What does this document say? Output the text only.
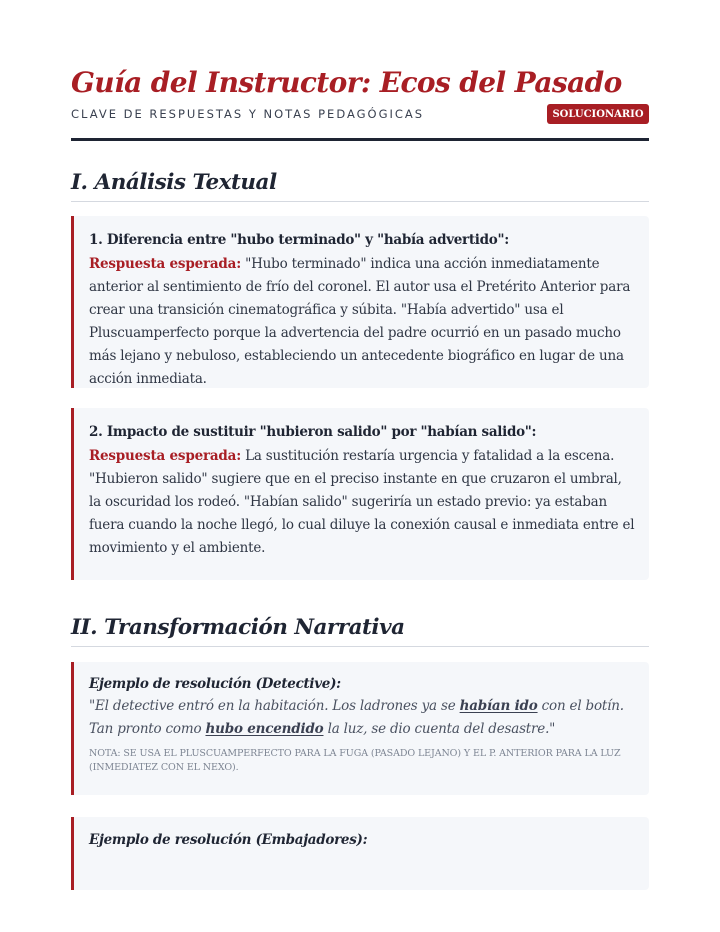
Guía del Instructor: Ecos del Pasado
CLAVE DE RESPUESTAS Y NOTAS PEDAGÓGICAS	SOLUCIONARIO
I. Análisis Textual

1. Diferencia entre "hubo terminado" y "había advertido":

Respuesta esperada: "Hubo terminado" indica una acción inmediatamente anterior al sentimiento de frío del coronel. El autor usa el Pretérito Anterior para crear una transición cinematográfica y súbita. "Había advertido" usa el Pluscuamperfecto porque la advertencia del padre ocurrió en un pasado mucho más lejano y nebuloso, estableciendo un antecedente biográfico en lugar de una acción inmediata.

2. Impacto de sustituir "hubieron salido" por "habían salido":

Respuesta esperada: La sustitución restaría urgencia y fatalidad a la escena. "Hubieron salido" sugiere que en el preciso instante en que cruzaron el umbral, la oscuridad los rodeó. "Habían salido" sugeriría un estado previo: ya estaban fuera cuando la noche llegó, lo cual diluye la conexión causal e inmediata entre el movimiento y el ambiente.

II. Transformación Narrativa

Ejemplo de resolución (Detective):

"El detective entró en la habitación. Los ladrones ya se habían ido con el botín. Tan pronto como hubo encendido la luz, se dio cuenta del desastre."

NOTA: SE USA EL PLUSCUAMPERFECTO PARA LA FUGA (PASADO LEJANO) Y EL P. ANTERIOR PARA LA LUZ (INMEDIATEZ CON EL NEXO).

Ejemplo de resolución (Embajadores):
